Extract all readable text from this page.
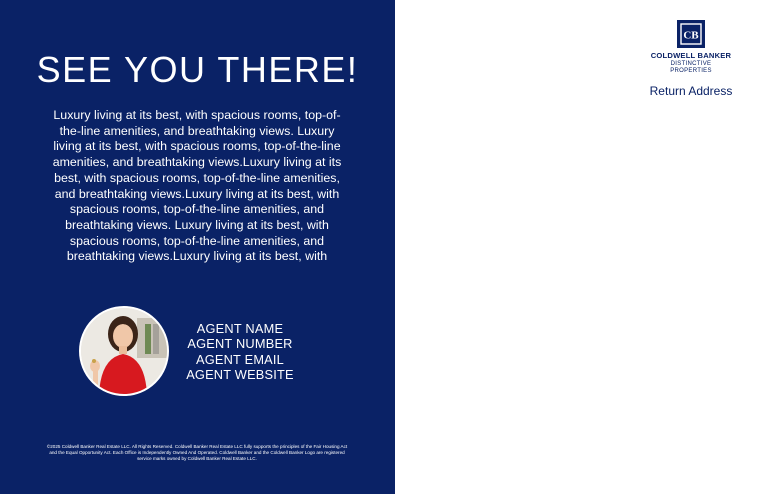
SEE YOU THERE!
Luxury living at its best, with spacious rooms, top-of-the-line amenities, and breathtaking views. Luxury living at its best, with spacious rooms, top-of-the-line amenities, and breathtaking views.Luxury living at its best, with spacious rooms, top-of-the-line amenities, and breathtaking views.Luxury living at its best, with spacious rooms, top-of-the-line amenities, and breathtaking views. Luxury living at its best, with spacious rooms, top-of-the-line amenities, and breathtaking views.Luxury living at its best, with
AGENT NAME
AGENT NUMBER
AGENT EMAIL
AGENT WEBSITE
©2025 Coldwell Banker Real Estate LLC. All Rights Reserved. Coldwell Banker Real Estate LLC fully supports the principles of the Fair Housing Act and the Equal Opportunity Act. Each Office is Independently Owned And Operated. Coldwell Banker and the Coldwell Banker Logo are registered service marks owned by Coldwell Banker Real Estate LLC.
CB
COLDWELL BANKER
DISTINCTIVE
PROPERTIES
Return Address
